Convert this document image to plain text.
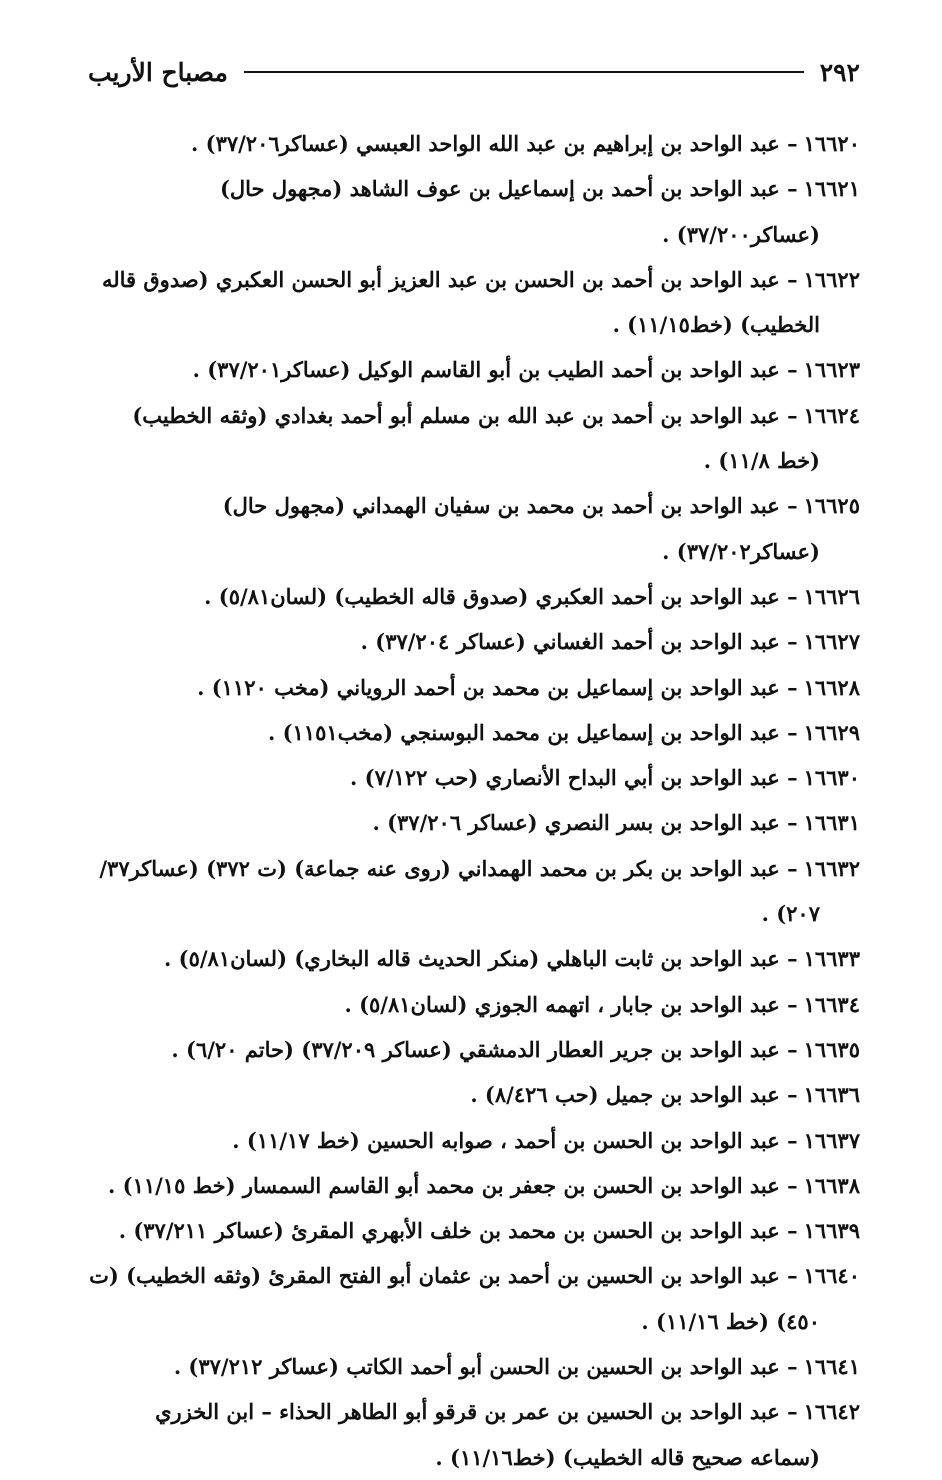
٢٩٢
مصباح الأريب

١٦٦٢٠– عبد الواحد بن إبراهيم بن عبد الله الواحد العبسي (عساكر٣٧/٢٠٦) .

١٦٦٢١– عبد الواحد بن أحمد بن إسماعيل بن عوف الشاهد (مجهول حال) (عساكر٣٧/٢٠٠) .

١٦٦٢٢– عبد الواحد بن أحمد بن الحسن بن عبد العزيز أبو الحسن العكبري (صدوق قاله الخطيب) (خط١١/١٥) .

١٦٦٢٣– عبد الواحد بن أحمد الطيب بن أبو القاسم الوكيل (عساكر٣٧/٢٠١) .

١٦٦٢٤– عبد الواحد بن أحمد بن عبد الله بن مسلم أبو أحمد بغدادي (وثقه الخطيب) (خط ١١/٨) .

١٦٦٢٥– عبد الواحد بن أحمد بن محمد بن سفيان الهمداني (مجهول حال) (عساكر٣٧/٢٠٢) .

١٦٦٢٦– عبد الواحد بن أحمد العكبري (صدوق قاله الخطيب) (لسان٥/٨١) .

١٦٦٢٧– عبد الواحد بن أحمد الغساني (عساكر ٣٧/٢٠٤) .

١٦٦٢٨– عبد الواحد بن إسماعيل بن محمد بن أحمد الروياني (مخب ١١٢٠) .

١٦٦٢٩– عبد الواحد بن إسماعيل بن محمد البوسنجي (مخب١١٥١) .

١٦٦٣٠– عبد الواحد بن أبي البداح الأنصاري (حب ٧/١٢٢) .

١٦٦٣١– عبد الواحد بن بسر النصري (عساكر ٣٧/٢٠٦) .

١٦٦٣٢– عبد الواحد بن بكر بن محمد الهمداني (روى عنه جماعة) (ت ٣٧٢) (عساكر٣٧/ ٢٠٧) .

١٦٦٣٣– عبد الواحد بن ثابت الباهلي (منكر الحديث قاله البخاري) (لسان٥/٨١) .

١٦٦٣٤– عبد الواحد بن جابار ، اتهمه الجوزي (لسان٥/٨١) .

١٦٦٣٥– عبد الواحد بن جرير العطار الدمشقي (عساكر ٣٧/٢٠٩) (حاتم ٦/٢٠) .

١٦٦٣٦– عبد الواحد بن جميل (حب ٨/٤٢٦) .

١٦٦٣٧– عبد الواحد بن الحسن بن أحمد ، صوابه الحسين (خط ١١/١٧) .

١٦٦٣٨– عبد الواحد بن الحسن بن جعفر بن محمد أبو القاسم السمسار (خط ١١/١٥) .

١٦٦٣٩– عبد الواحد بن الحسن بن محمد بن خلف الأبهري المقرئ (عساكر ٣٧/٢١١) .

١٦٦٤٠– عبد الواحد بن الحسين بن أحمد بن عثمان أبو الفتح المقرئ (وثقه الخطيب) (ت ٤٥٠) (خط ١١/١٦) .

١٦٦٤١– عبد الواحد بن الحسين بن الحسن أبو أحمد الكاتب (عساكر ٣٧/٢١٢) .

١٦٦٤٢– عبد الواحد بن الحسين بن عمر بن قرقو أبو الطاهر الحذاء – ابن الخزري (سماعه صحيح قاله الخطيب) (خط١١/١٦) .
